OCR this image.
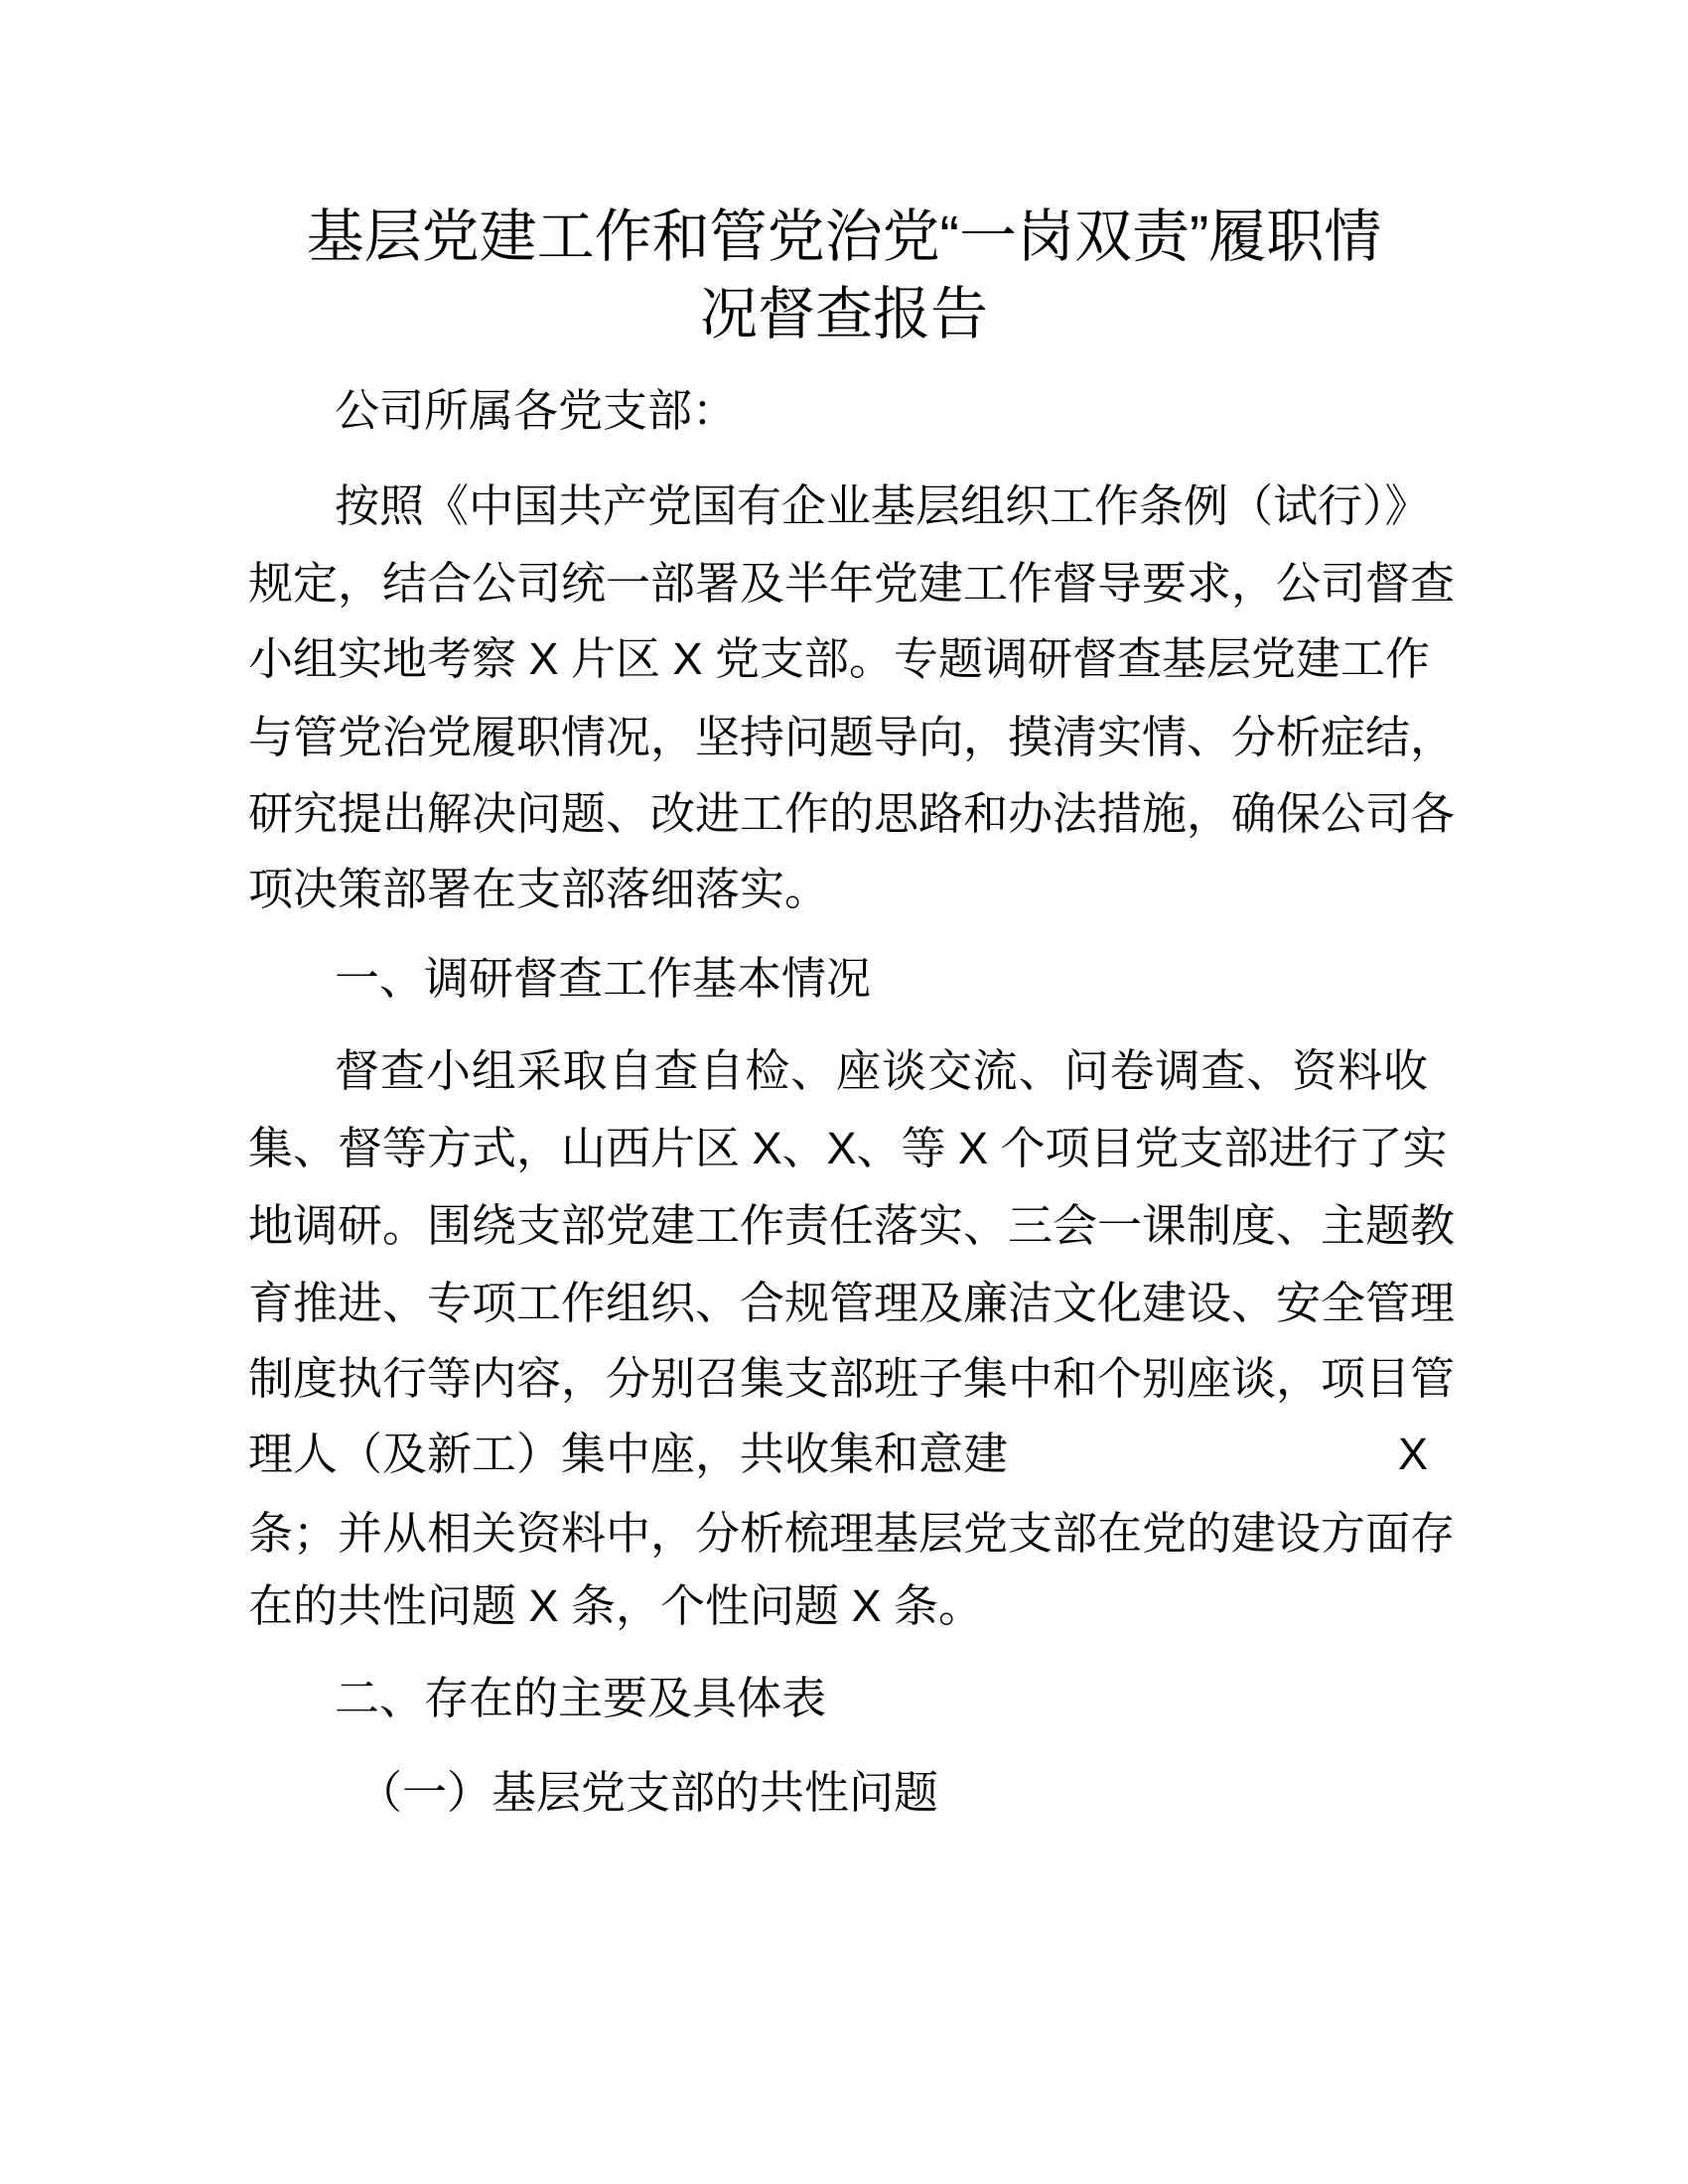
基层党建工作和管党治党“一岗双责”履职情
况督查报告
公司所属各党支部：
按照《中国共产党国有企业基层组织工作条例（试行）》
规定，结合公司统一部署及半年党建工作督导要求，公司督查
小组实地考察 X 片区 X 党支部。专题调研督查基层党建工作
与管党治党履职情况，坚持问题导向，摸清实情、分析症结，
研究提出解决问题、改进工作的思路和办法措施，确保公司各
项决策部署在支部落细落实。
一、调研督查工作基本情况
督查小组采取自查自检、座谈交流、问卷调查、资料收
集、督等方式，山西片区 X、X、等 X 个项目党支部进行了实
地调研。围绕支部党建工作责任落实、三会一课制度、主题教
育推进、专项工作组织、合规管理及廉洁文化建设、安全管理
制度执行等内容，分别召集支部班子集中和个别座谈，项目管
理人（及新工）集中座，共收集和意建	X
条；并从相关资料中，分析梳理基层党支部在党的建设方面存
在的共性问题 X 条，个性问题 X 条。
二、存在的主要及具体表
（一）基层党支部的共性问题
